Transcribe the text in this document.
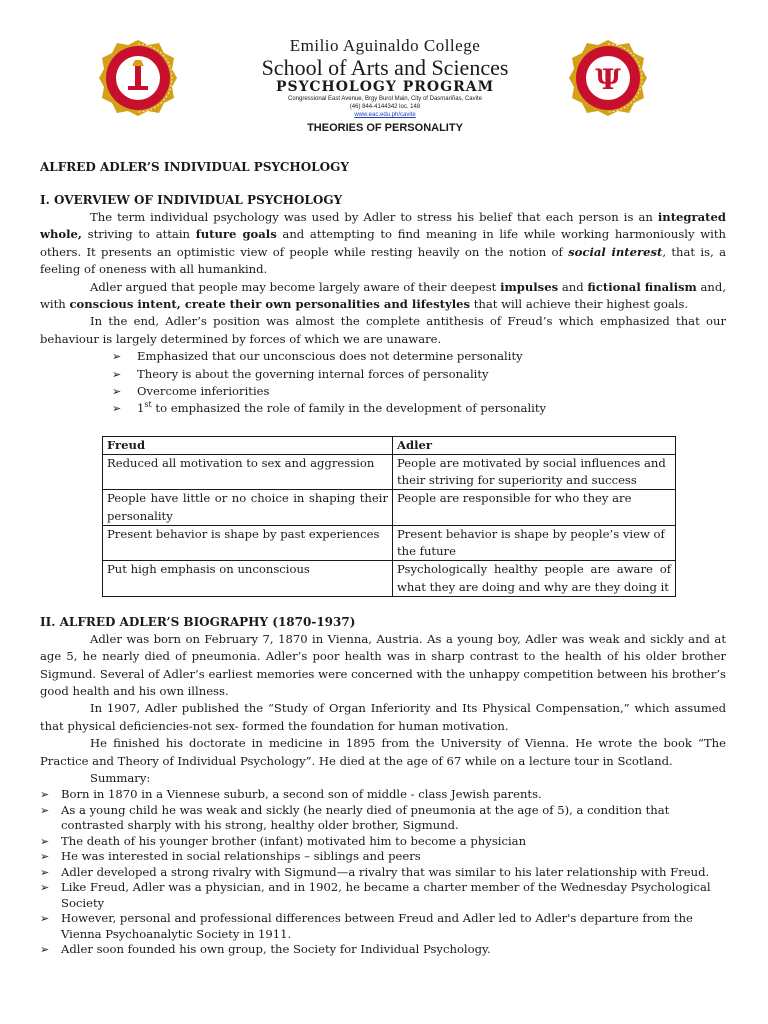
Ψ
Emilio Aguinaldo College
School of Arts and Sciences
PSYCHOLOGY PROGRAM
Congressional East Avenue, Brgy Burol Main, City of Dasmariñas, Cavite
(46) 844-4144342 loc. 148
www.eac.edu.ph/cavite
THEORIES OF PERSONALITY
ALFRED ADLER’S INDIVIDUAL PSYCHOLOGY
I. OVERVIEW OF INDIVIDUAL PSYCHOLOGY

The term individual psychology was used by Adler to stress his belief that each person is an integrated whole, striving to attain future goals and attempting to find meaning in life while working harmoniously with others. It presents an optimistic view of people while resting heavily on the notion of social interest, that is, a feeling of oneness with all humankind.

Adler argued that people may become largely aware of their deepest impulses and fictional finalism and, with conscious intent, create their own personalities and lifestyles that will achieve their highest goals.

In the end, Adler’s position was almost the complete antithesis of Freud’s which emphasized that our behaviour is largely determined by forces of which we are unaware.

➢ Emphasized that our unconscious does not determine personality
➢ Theory is about the governing internal forces of personality
➢ Overcome inferiorities
➢ 1st to emphasized the role of family in the development of personality
Freud	Adler
Reduced all motivation to sex and aggression	People are motivated by social influences and their striving for superiority and success
People have little or no choice in shaping their personality	People are responsible for who they are
Present behavior is shape by past experiences	Present behavior is shape by people’s view of the future
Put high emphasis on unconscious	Psychologically healthy people are aware of what they are doing and why are they doing it
II. ALFRED ADLER’S BIOGRAPHY (1870-1937)

Adler was born on February 7, 1870 in Vienna, Austria. As a young boy, Adler was weak and sickly and at age 5, he nearly died of pneumonia. Adler’s poor health was in sharp contrast to the health of his older brother Sigmund. Several of Adler’s earliest memories were concerned with the unhappy competition between his brother’s good health and his own illness.

In 1907, Adler published the “Study of Organ Inferiority and Its Physical Compensation,” which assumed that physical deficiencies-not sex- formed the foundation for human motivation.

He finished his doctorate in medicine in 1895 from the University of Vienna. He wrote the book “The Practice and Theory of Individual Psychology”. He died at the age of 67 while on a lecture tour in Scotland.

Summary:
➢ Born in 1870 in a Viennese suburb, a second son of middle - class Jewish parents.
➢ As a young child he was weak and sickly (he nearly died of pneumonia at the age of 5), a condition that contrasted sharply with his strong, healthy older brother, Sigmund.
➢ The death of his younger brother (infant) motivated him to become a physician
➢ He was interested in social relationships – siblings and peers
➢ Adler developed a strong rivalry with Sigmund—a rivalry that was similar to his later relationship with Freud.
➢ Like Freud, Adler was a physician, and in 1902, he became a charter member of the Wednesday Psychological Society
➢ However, personal and professional differences between Freud and Adler led to Adler's departure from the Vienna Psychoanalytic Society in 1911.
➢ Adler soon founded his own group, the Society for Individual Psychology.
